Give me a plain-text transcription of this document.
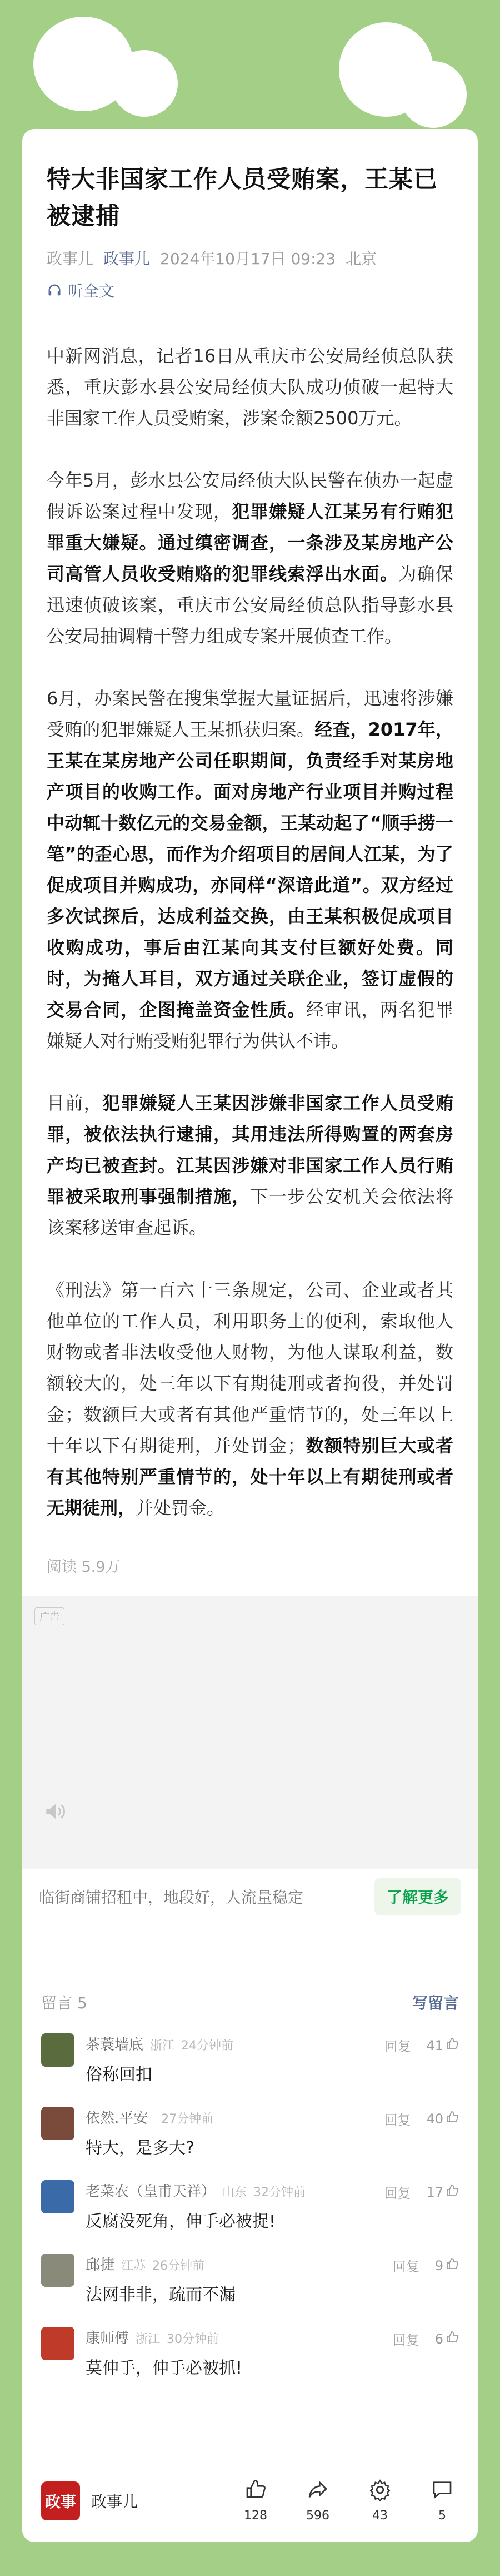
特大非国家工作人员受贿案，王某已被逮捕
政事儿 政事儿 2024年10月17日 09:23 北京
听全文

中新网消息，记者16日从重庆市公安局经侦总队获悉，重庆彭水县公安局经侦大队成功侦破一起特大非国家工作人员受贿案，涉案金额2500万元。

今年5月，彭水县公安局经侦大队民警在侦办一起虚假诉讼案过程中发现，犯罪嫌疑人江某另有行贿犯罪重大嫌疑。通过缜密调查，一条涉及某房地产公司高管人员收受贿赂的犯罪线索浮出水面。为确保迅速侦破该案，重庆市公安局经侦总队指导彭水县公安局抽调精干警力组成专案开展侦查工作。

6月，办案民警在搜集掌握大量证据后，迅速将涉嫌受贿的犯罪嫌疑人王某抓获归案。经查，2017年，王某在某房地产公司任职期间，负责经手对某房地产项目的收购工作。面对房地产行业项目并购过程中动辄十数亿元的交易金额，王某动起了“顺手捞一笔”的歪心思，而作为介绍项目的居间人江某，为了促成项目并购成功，亦同样“深谙此道”。双方经过多次试探后，达成利益交换，由王某积极促成项目收购成功，事后由江某向其支付巨额好处费。同时，为掩人耳目，双方通过关联企业，签订虚假的交易合同，企图掩盖资金性质。经审讯，两名犯罪嫌疑人对行贿受贿犯罪行为供认不讳。

目前，犯罪嫌疑人王某因涉嫌非国家工作人员受贿罪，被依法执行逮捕，其用违法所得购置的两套房产均已被查封。江某因涉嫌对非国家工作人员行贿罪被采取刑事强制措施，下一步公安机关会依法将该案移送审查起诉。

《刑法》第一百六十三条规定，公司、企业或者其他单位的工作人员，利用职务上的便利，索取他人财物或者非法收受他人财物，为他人谋取利益，数额较大的，处三年以下有期徒刑或者拘役，并处罚金；数额巨大或者有其他严重情节的，处三年以上十年以下有期徒刑，并处罚金；数额特别巨大或者有其他特别严重情节的，处十年以上有期徒刑或者无期徒刑，并处罚金。

阅读 5.9万
广告
临街商铺招租中，地段好，人流量稳定	了解更多
留言 5	写留言
茶蓑墙底 浙江 24分钟前
俗称回扣
回复 41
依然.平安 27分钟前
特大，是多大?
回复 40
老菜农（皇甫天祥） 山东 32分钟前
反腐没死角，伸手必被捉!
回复 17
邱捷 江苏 26分钟前
法网非非，疏而不漏
回复 9
康师傅 浙江 30分钟前
莫伸手，伸手必被抓!
回复 6
政事 政事儿
128	596	43	5
